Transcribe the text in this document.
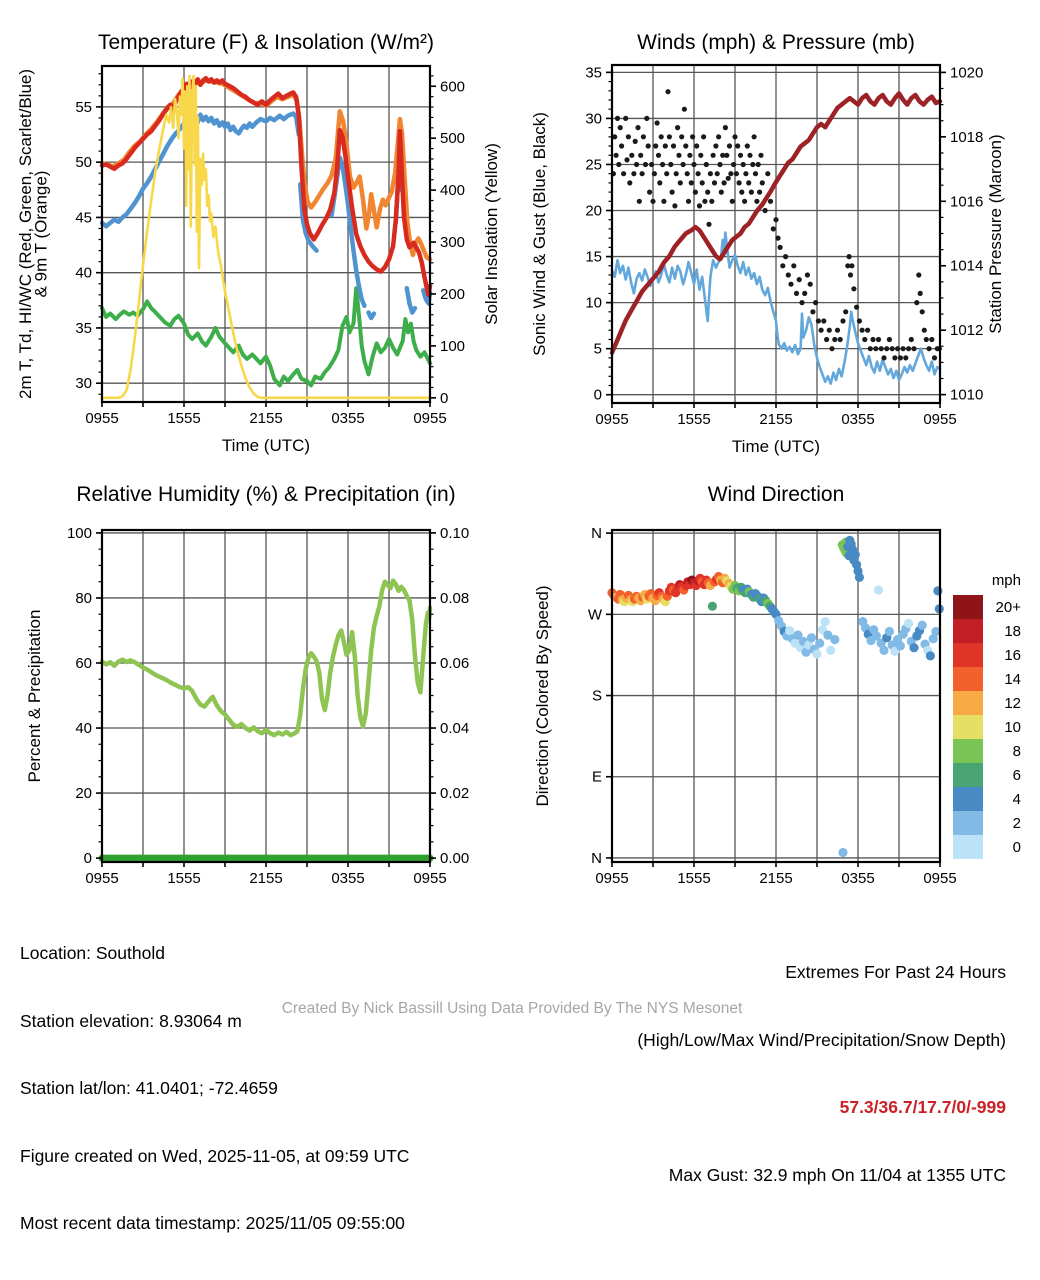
Temperature (F) & Insolation (W/m²)	Winds (mph) & Pressure (mb)
Relative Humidity (%) & Precipitation (in)	Wind Direction
0955	1555	2155	0355	0955
Time (UTC)
30
35
40
45
50
55
2m T, Td, HI/WC (Red, Green, Scarlet/Blue)
& 9m T (Orange)
0
100
200
300
400
500
600
Solar Insolation (Yellow)
0955	1555	2155	0355	0955
Time (UTC)
0
5
10
15
20
25
30
35
Sonic Wind & Gust (Blue, Black)
1010
1012
1014
1016
1018
1020
Station Pressure (Maroon)
0955	1555	2155	0355	0955
0
20
40
60
80
100
Percent & Precipitation
0.00
0.02
0.04
0.06
0.08
0.10
0955	1555	2155	0355	0955
N
W
S
E
N
Direction (Colored By Speed)
mph
20+
18
16
14
12
10
8
6
4
2
0

Location: Southold

Station elevation: 8.93064 m

Station lat/lon: 41.0401; -72.4659

Figure created on Wed, 2025-11-05, at 09:59 UTC

Most recent data timestamp: 2025/11/05 09:55:00

Extremes For Past 24 Hours

(High/Low/Max Wind/Precipitation/Snow Depth)

57.3/36.7/17.7/0/-999

Max Gust: 32.9 mph On 11/04 at 1355 UTC

Created By Nick Bassill Using Data Provided By The NYS Mesonet
